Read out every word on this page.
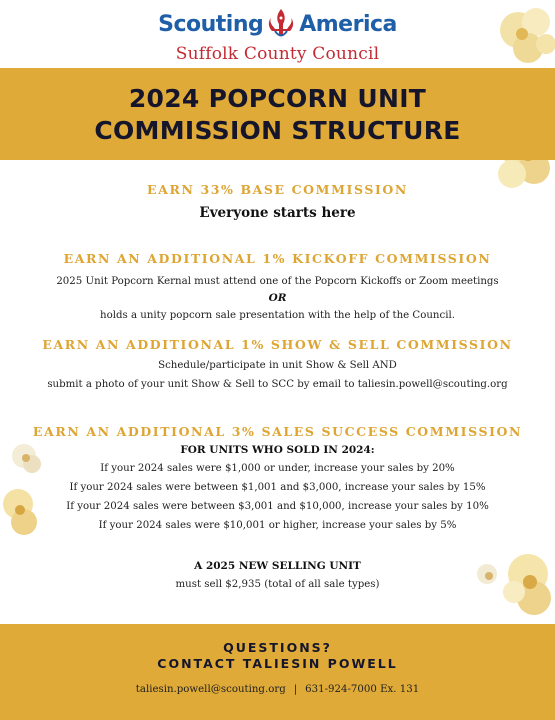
Scouting America
Suffolk County Council
2024 POPCORN UNIT
COMMISSION STRUCTURE
EARN 33% BASE COMMISSION
Everyone starts here
EARN AN ADDITIONAL 1% KICKOFF COMMISSION
2025 Unit Popcorn Kernal must attend one of the Popcorn Kickoffs or Zoom meetings
OR
holds a unity popcorn sale presentation with the help of the Council.
EARN AN ADDITIONAL 1% SHOW & SELL COMMISSION
Schedule/participate in unit Show & Sell AND
submit a photo of your unit Show & Sell to SCC by email to taliesin.powell@scouting.org
EARN AN ADDITIONAL 3% SALES SUCCESS COMMISSION
FOR UNITS WHO SOLD IN 2024:
If your 2024 sales were $1,000 or under, increase your sales by 20%
If your 2024 sales were between $1,001 and $3,000, increase your sales by 15%
If your 2024 sales were between $3,001 and $10,000, increase your sales by 10%
If your 2024 sales were $10,001 or higher, increase your sales by 5%
A 2025 NEW SELLING UNIT
must sell $2,935 (total of all sale types)
QUESTIONS?
CONTACT TALIESIN POWELL
taliesin.powell@scouting.org | 631-924-7000 Ex. 131
